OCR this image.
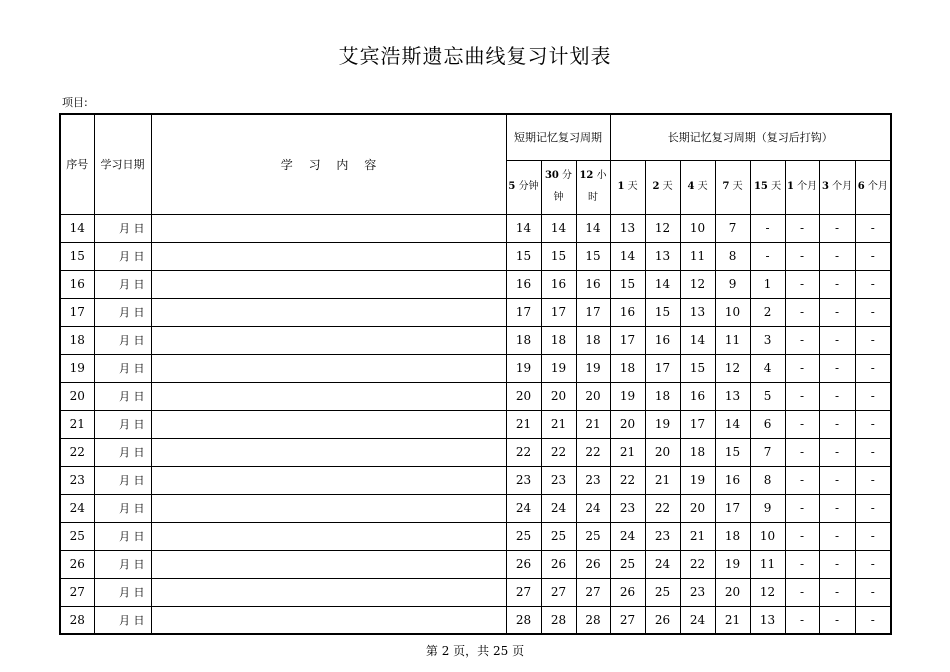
艾宾浩斯遗忘曲线复习计划表
项目:
序号	学习日期	学 习 内 容	短期记忆复习周期			长期记忆复习周期（复习后打钩）							
			5 分钟	30 分钟	12 小时	1 天	2 天	4 天	7 天	15 天	1 个月	3 个月	6 个月
14	月 日		14	14	14	13	12	10	7	-	-	-	-
15	月 日		15	15	15	14	13	11	8	-	-	-	-
16	月 日		16	16	16	15	14	12	9	1	-	-	-
17	月 日		17	17	17	16	15	13	10	2	-	-	-
18	月 日		18	18	18	17	16	14	11	3	-	-	-
19	月 日		19	19	19	18	17	15	12	4	-	-	-
20	月 日		20	20	20	19	18	16	13	5	-	-	-
21	月 日		21	21	21	20	19	17	14	6	-	-	-
22	月 日		22	22	22	21	20	18	15	7	-	-	-
23	月 日		23	23	23	22	21	19	16	8	-	-	-
24	月 日		24	24	24	23	22	20	17	9	-	-	-
25	月 日		25	25	25	24	23	21	18	10	-	-	-
26	月 日		26	26	26	25	24	22	19	11	-	-	-
27	月 日		27	27	27	26	25	23	20	12	-	-	-
28	月 日		28	28	28	27	26	24	21	13	-	-	-
第 2 页，共 25 页
